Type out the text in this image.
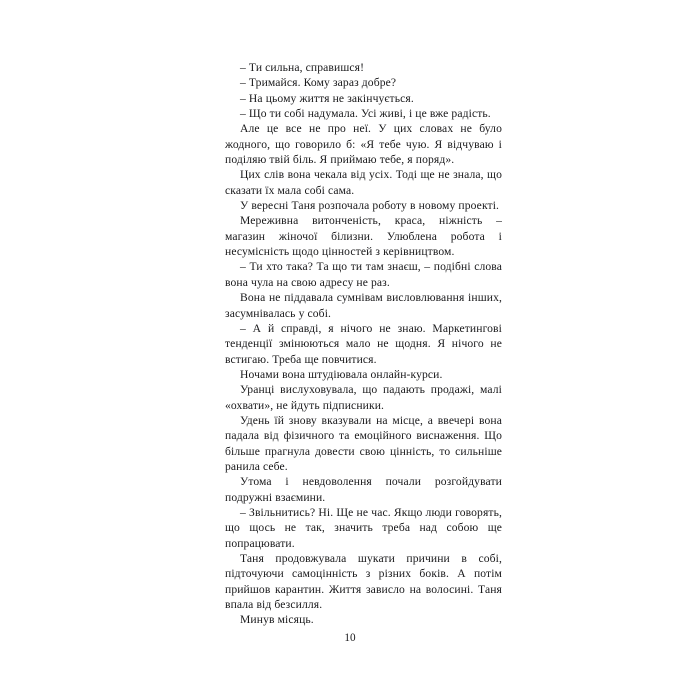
– Ти сильна, справишся!

– Тримайся. Кому зараз добре?

– На цьому життя не закінчується.

– Що ти собі надумала. Усі живі, і це вже радість.

Але це все не про неї. У цих словах не було жодного, що говорило б: «Я тебе чую. Я відчуваю і поділяю твій біль. Я приймаю тебе, я поряд».

Цих слів вона чекала від усіх. Тоді ще не знала, що сказати їх мала собі сама.

У вересні Таня розпочала роботу в новому проекті.

Мереживна витонченість, краса, ніжність – магазин жіночої білизни. Улюблена робота і несумісність щодо цінностей з керівництвом.

– Ти хто така? Та що ти там знаєш, – подібні слова вона чула на свою адресу не раз.

Вона не піддавала сумнівам висловлювання інших, засумнівалась у собі.

– А й справді, я нічого не знаю. Маркетингові тенденції змінюються мало не щодня. Я нічого не встигаю. Треба ще повчитися.

Ночами вона штудіювала онлайн-курси.

Уранці вислуховувала, що падають продажі, малі «охвати», не йдуть підписники.

Удень їй знову вказували на місце, а ввечері вона падала від фізичного та емоційного виснаження. Що більше прагнула довести свою цінність, то сильніше ранила себе.

Утома і невдоволення почали розгойдувати подружні взаємини.

– Звільнитись? Ні. Ще не час. Якщо люди говорять, що щось не так, значить треба над собою ще попрацювати.

Таня продовжувала шукати причини в собі, підточуючи самоцінність з різних боків. А потім прийшов карантин. Життя зависло на волосині. Таня впала від безсилля.

Минув місяць.

10
